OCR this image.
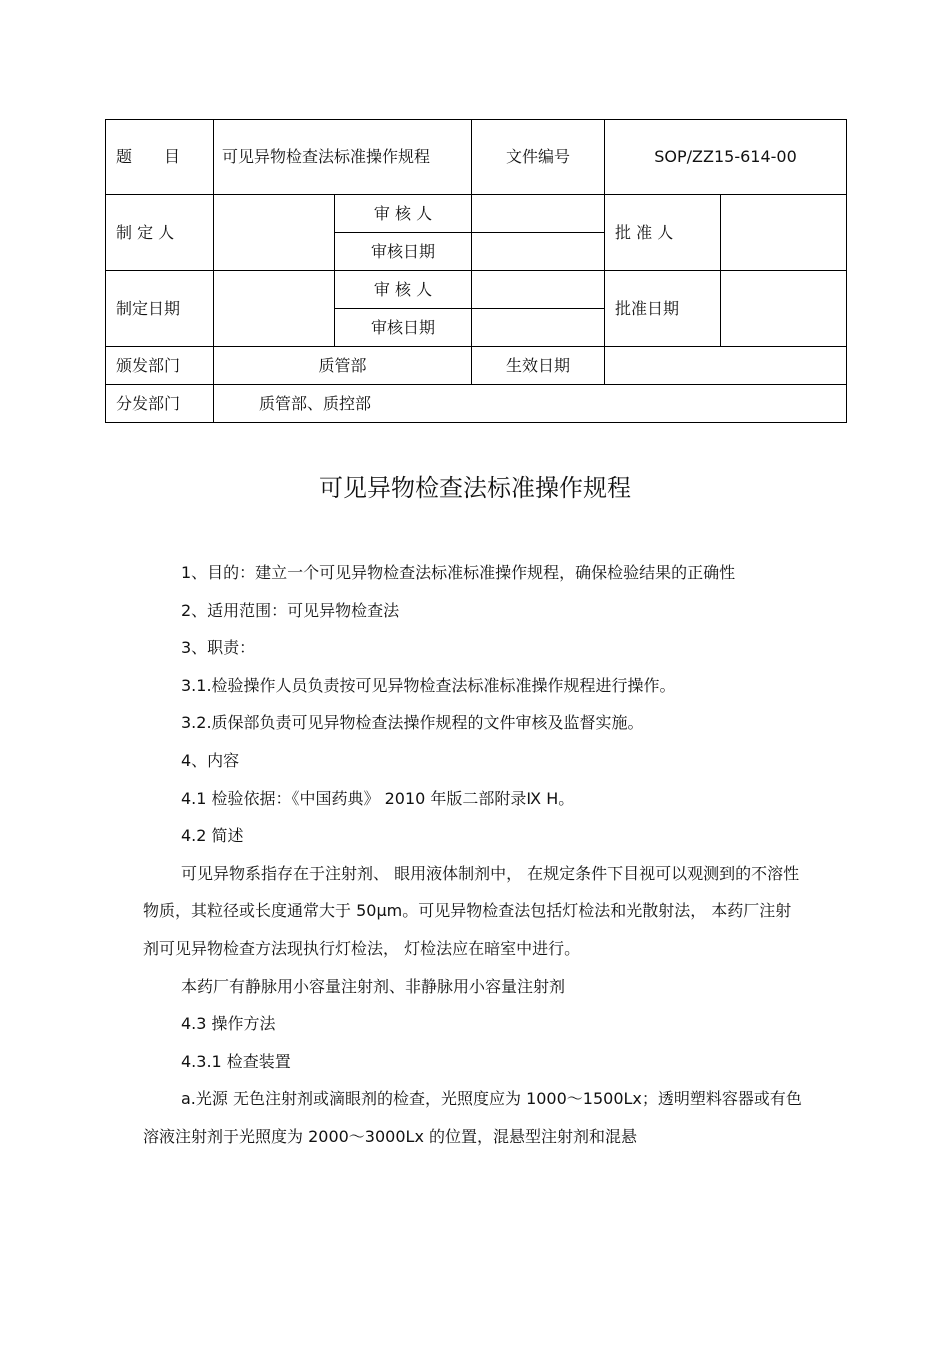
题　　目	可见异物检查法标准操作规程		文件编号	SOP/ZZ15-614-00	
制 定 人		审 核 人		批 准 人	
		审核日期			
制定日期		审 核 人		批准日期	
		审核日期			
颁发部门	质管部		生效日期		
分发部门	质管部、质控部				
可见异物检查法标准操作规程

1、目的：建立一个可见异物检查法标准标准操作规程，确保检验结果的正确性

2、适用范围：可见异物检查法

3、职责：

3.1.检验操作人员负责按可见异物检查法标准标准操作规程进行操作。

3.2.质保部负责可见异物检查法操作规程的文件审核及监督实施。

4、内容

4.1 检验依据：《中国药典》 2010 年版二部附录Ⅸ H。

4.2 简述

可见异物系指存在于注射剂、 眼用液体制剂中， 在规定条件下目视可以观测到的不溶性物质，其粒径或长度通常大于 50μm。可见异物检查法包括灯检法和光散射法， 本药厂注射剂可见异物检查方法现执行灯检法， 灯检法应在暗室中进行。

本药厂有静脉用小容量注射剂、非静脉用小容量注射剂

4.3 操作方法

4.3.1 检查装置

a.光源 无色注射剂或滴眼剂的检查，光照度应为 1000～1500Lx；透明塑料容器或有色溶液注射剂于光照度为 2000～3000Lx 的位置，混悬型注射剂和混悬
